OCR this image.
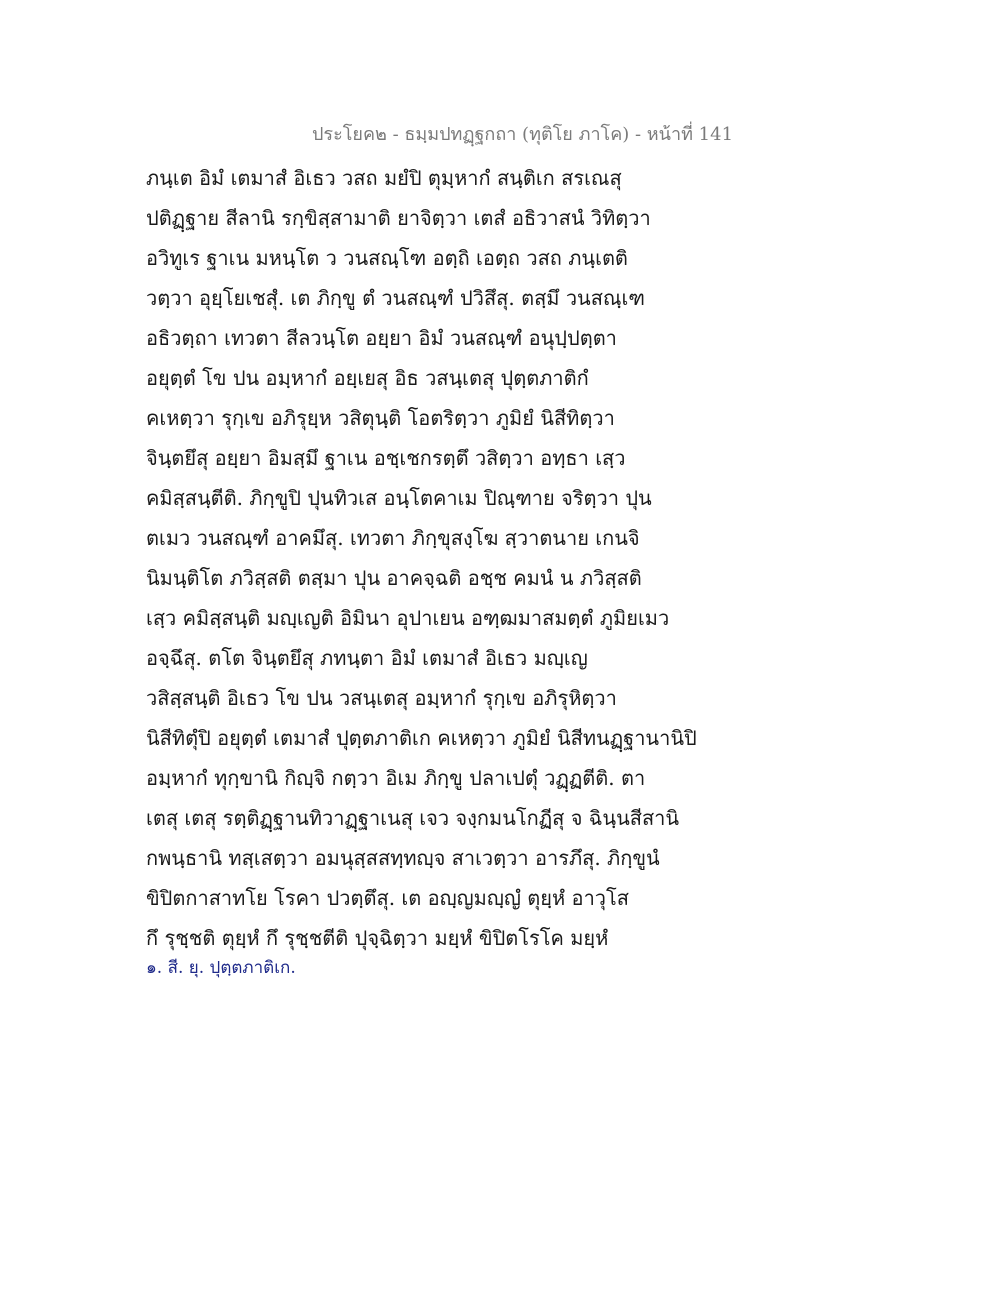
ประโยค๒ - ธมฺมปทฏฺฐกถา (ทุติโย ภาโค) - หน้าที่ 141
ภนฺเต อิมํ เตมาสํ อิเธว วสถ มยํปิ ตุมฺหากํ สนฺติเก สรเณสุ
ปติฏฺฐาย สีลานิ รกฺขิสฺสามาติ ยาจิตฺวา เตสํ อธิวาสนํ วิทิตฺวา
อวิทูเร ฐาเน มหนฺโต ว วนสณฺโฑ อตฺถิ เอตฺถ วสถ ภนฺเตติ
วตฺวา อุยฺโยเชสุํ. เต ภิกฺขู ตํ วนสณฺฑํ ปวิสึสุ. ตสฺมึ วนสณฺเฑ
อธิวตฺถา เทวตา สีลวนฺโต อยฺยา อิมํ วนสณฺฑํ อนุปฺปตฺตา
อยุตฺตํ โข ปน อมฺหากํ อยฺเยสุ อิธ วสนฺเตสุ ปุตฺตภาติกํ
คเหตฺวา รุกฺเข อภิรุยฺห วสิตุนฺติ โอตริตฺวา ภูมิยํ นิสีทิตฺวา
จินฺตยึสุ อยฺยา อิมสฺมึ ฐาเน อชฺเชกรตฺตึ วสิตฺวา อทฺธา เสฺว
คมิสฺสนฺตีติ. ภิกฺขูปิ ปุนทิวเส อนฺโตคาเม ปิณฺฑาย จริตฺวา ปุน
ตเมว วนสณฺฑํ อาคมึสุ. เทวตา ภิกฺขุสงฺโฆ สฺวาตนาย เกนจิ
นิมนฺติโต ภวิสฺสติ ตสฺมา ปุน อาคจฺฉติ อชฺช คมนํ น ภวิสฺสติ
เสฺว คมิสฺสนฺติ มญฺเญติ อิมินา อุปาเยน อฑฺฒมาสมตฺตํ ภูมิยเมว
อจฺฉึสุ. ตโต จินฺตยึสุ ภทนฺตา อิมํ เตมาสํ อิเธว มญฺเญ
วสิสฺสนฺติ อิเธว โข ปน วสนฺเตสุ อมฺหากํ รุกฺเข อภิรุหิตฺวา
นิสีทิตุํปิ อยุตฺตํ เตมาสํ ปุตฺตภาติเก คเหตฺวา ภูมิยํ นิสีทนฏฺฐานานิปิ
อมฺหากํ ทุกฺขานิ กิญฺจิ กตฺวา อิเม ภิกฺขู ปลาเปตุํ วฏฺฏตีติ. ตา
เตสุ เตสุ รตฺติฏฺฐานทิวาฏฺฐาเนสุ เจว จงฺกมนโกฏีสุ จ ฉินฺนสีสานิ
กพนฺธานิ ทสฺเสตฺวา อมนุสฺสสทฺทญฺจ สาเวตฺวา อารภึสุ. ภิกฺขูนํ
ขิปิตกาสาทโย โรคา ปวตฺตึสุ. เต อญฺญมญฺญํ ตุยฺหํ อาวุโส
กึ รุชฺชติ ตุยฺหํ กึ รุชฺชตีติ ปุจฺฉิตฺวา มยฺหํ ขิปิตโรโค มยฺหํ
๑. สี. ยุ. ปุตฺตภาติเก.
